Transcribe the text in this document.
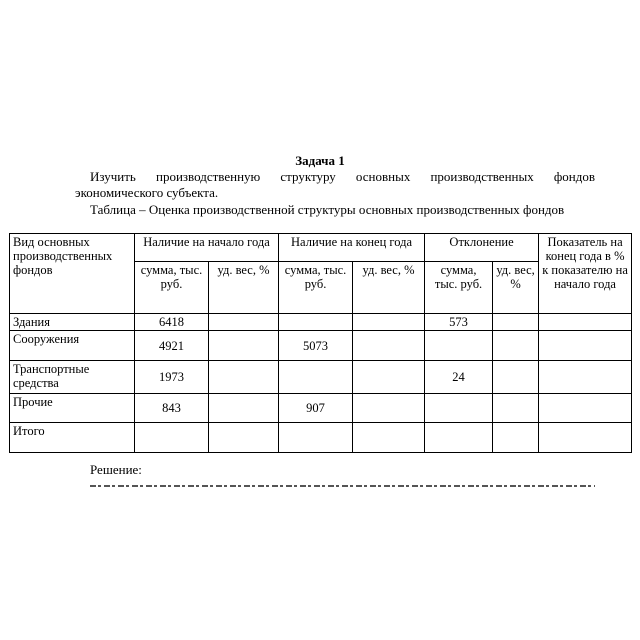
Задача 1
Изучить производственную структуру основных производственных фондов экономического субъекта.
Таблица – Оценка производственной структуры основных производственных фондов
Вид основных производственных фондов	Наличие на начало года		Наличие на конец года		Отклонение		Показатель на конец года в % к показателю на начало года
	сумма, тыс. руб.	уд. вес, %	сумма, тыс. руб.	уд. вес, %	сумма, тыс. руб.	уд. вес, %	
Здания	6418				573		
Сооружения	4921		5073				
Транспортные средства	1973				24		
Прочие	843		907				
Итого							
Решение:
